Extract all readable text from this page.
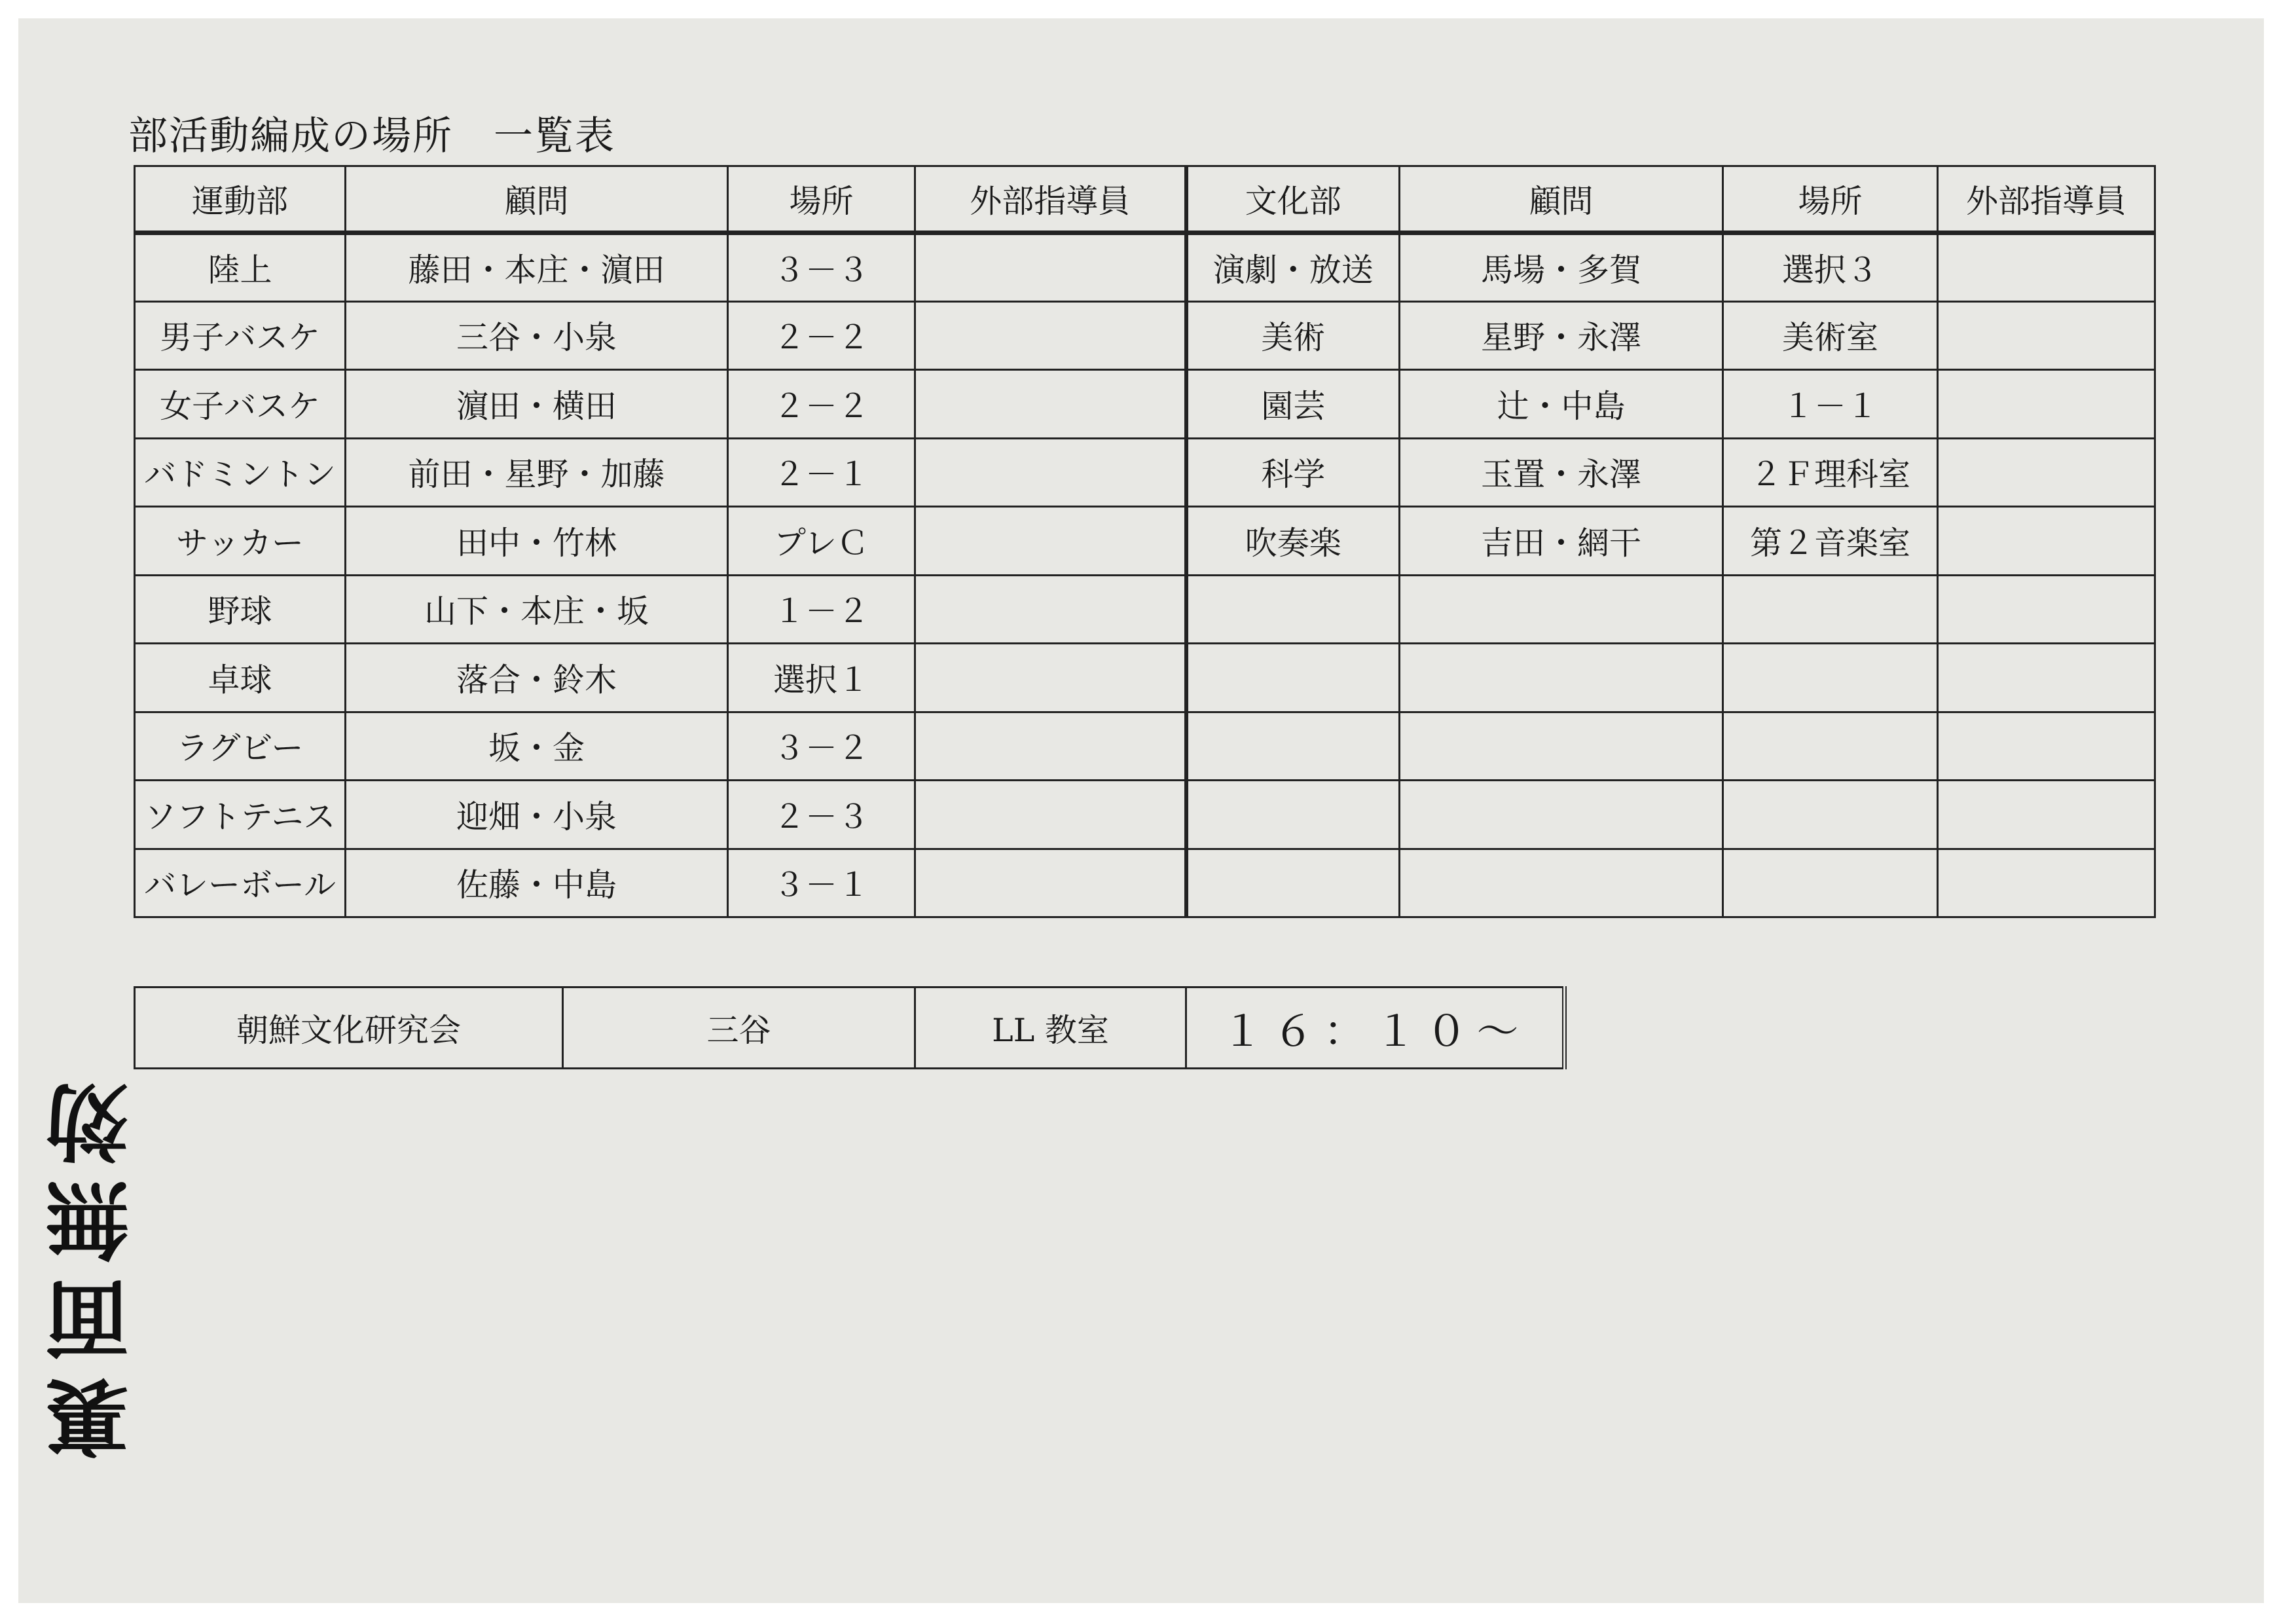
部活動編成の場所　一覧表
運動部	顧問	場所	外部指導員	文化部	顧問	場所	外部指導員
陸上	藤田・本庄・濵田	３－３		演劇・放送	馬場・多賀	選択３	
男子バスケ	三谷・小泉	２－２		美術	星野・永澤	美術室	
女子バスケ	濵田・横田	２－２		園芸	辻・中島	１－１	
バドミントン	前田・星野・加藤	２－１		科学	玉置・永澤	２Ｆ理科室	
サッカー	田中・竹林	プレＣ		吹奏楽	吉田・網干	第２音楽室	
野球	山下・本庄・坂	１－２					
卓球	落合・鈴木	選択１					
ラグビー	坂・金	３－２					
ソフトテニス	迎畑・小泉	２－３					
バレーボール	佐藤・中島	３－１					
朝鮮文化研究会	三谷	LL 教室	１６：１０～
裏面無効
